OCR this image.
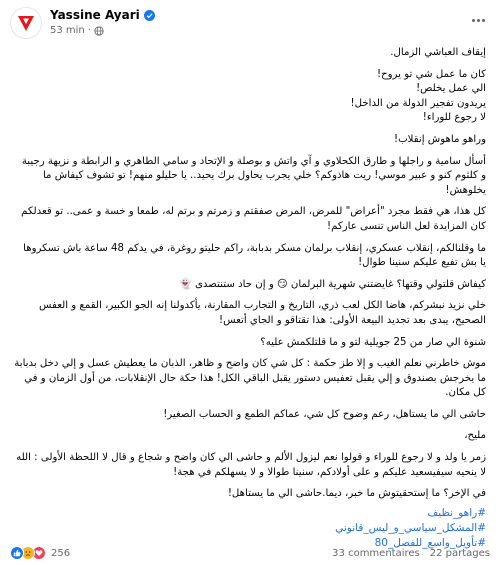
Yassine Ayari
53 min ·

إيقاف العباشي الزمال.

كان ما عمل شي تو يروح!
الي عمل يخلص!
يريدون تفجير الدولة من الداخل!
لا رجوع للوراء!

وراهو ماهوش إنقلاب!

أسأل سامية و راجلها و طارق الكحلاوي و آي واتش و بوصلة و الإتحاد و سامي الطاهري و الرابطة و نزيهة رجيبة و كلثوم كنو و عبير موسي! ريت هاذوكم؟ خلي يجرب يحاول برك يحيد.. يا حليلو منهم! تو تشوف كيفاش ما يخلوهش!

كل هذا، هي فقط مجرد "أعراض" للمرض، المرض صفقتم و زمرتم و برتم له، طمعا و خسة و عمى.. تو قعدلكم كان المزايدة لعل الناس تنسى عاركم!

ما وقلنالكم، إنقلاب عسكري، إنقلاب برلمان مسكر بدبابة، راكم حليتو روغرة، في يدكم 48 ساعة باش تسكروها يا بش تفيع عليكم سنينا طوال!

كيفاش قلتولي وقتها؟ غايضتني شهرية البرلمان 😏 و إن حاد ستنتصدى 👻

خلي نزيد نبشركم، هاضا الكل لعب ذري، التاريخ و التجارب المقارنة، يأكدولنا إنه الجو الكبير، القمع و العفس الصحيح، يبدى بعد تجديد البيعة الأولى: هذا تقتاقو و الجاي أتعس!

شنوة الي صار من 25 جويلية لتو و ما قلتلكمش عليه؟

موش خاطرني نعلم الغيب و إلا طز حكمة : كل شي كان واضح و ظاهر، الذبان ما يعطيش عسل و إلي دخل بدبابة ما يخرجش بصندوق و إلي يقبل تعفيس دستور يقبل الباقي الكل! هذا حكة حال الإنقلابات، من أول الزمان و في كل مكان.

حاشى الي ما يستاهل، رعم وضوح كل شي، عماكم الطمع و الحساب الصغير!

مليح،

زمر يا ولد و لا رجوع للوراء و قولوا نعم ليزول الألم و حاشى الي كان واضح و شجاع و قال لا اللحظة الأولى : الله لا ينحيه سيفيسعيد عليكم و على أولادكم، سنينا طوالا و لا يسهلكم في هجة!

في الإخر؟ ما إستحقيتوش ما خبر، ديما.حاشى الي ما يستاهل!

#راهو_نظيف
#المشكل_سياسي_و_ليس_قانوني
#تأويل_واسع_للفصل_80
256	33 commentaires 22 partages
